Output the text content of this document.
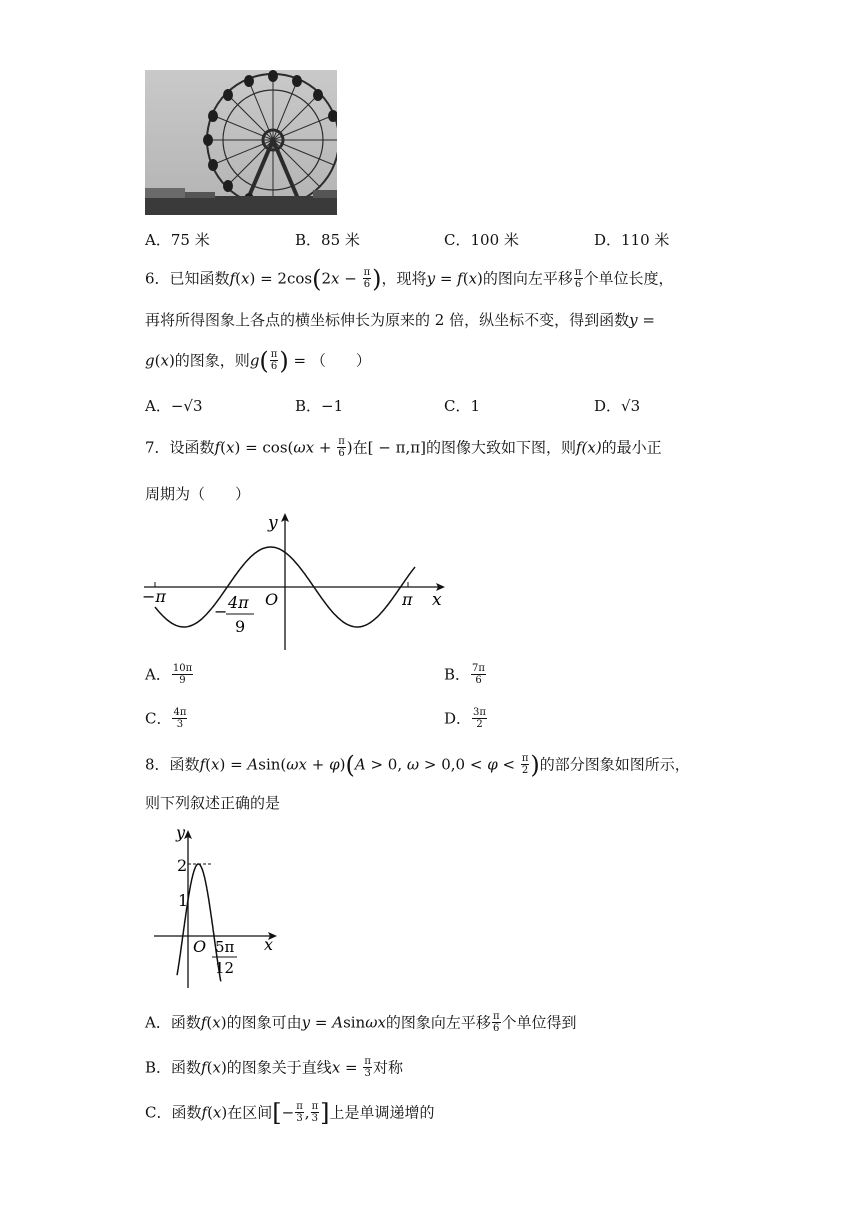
A．75 米	B．85 米	C．100 米	D．110 米
6．已知函数$f(x) = 2\cos(2x - \frac{\pi}{6}$ )，现将y = f(x)的图向左平移 $\frac{\pi}{6}$ 个单位长度，
再将所得图象上各点的横坐标伸长为原来的 2 倍，纵坐标不变，得到函数y =
g(x)的图象，则$g( \frac{\pi}{6}$ ) = （　　）
A．−√3	B．−1	C．1	D．√3
7．设函数$f(x) = \cos(\omega x + \frac{\pi}{6}$ )在[ − π,π]的图像大致如下图，则f(x)的最小正
周期为（　　）
y
x
O
−π	π
− 4π
9
A． $\frac{10\pi}{9}$	B． $\frac{7\pi}{6}$
C． $\frac{4\pi}{3}$	D． $\frac{3\pi}{2}$
8．函数f(x) = Asin(ωx + φ)(A > 0, $\omega > 0,0 < \varphi < \frac{\pi}{2}$ )的部分图象如图所示，
则下列叙述正确的是
y
x
2
1
O 5π
12
A．函数f(x)的图象可由y = Asinωx的图象向左平移 $\frac{\pi}{6}$ 个单位得到
B．函数f(x)的图象关于直线$x = \frac{\pi}{3}$ 对称
C．函数f(x)在区间[− $\frac{\pi}{3}$ , $\frac{\pi}{3}$ ]上是单调递增的
